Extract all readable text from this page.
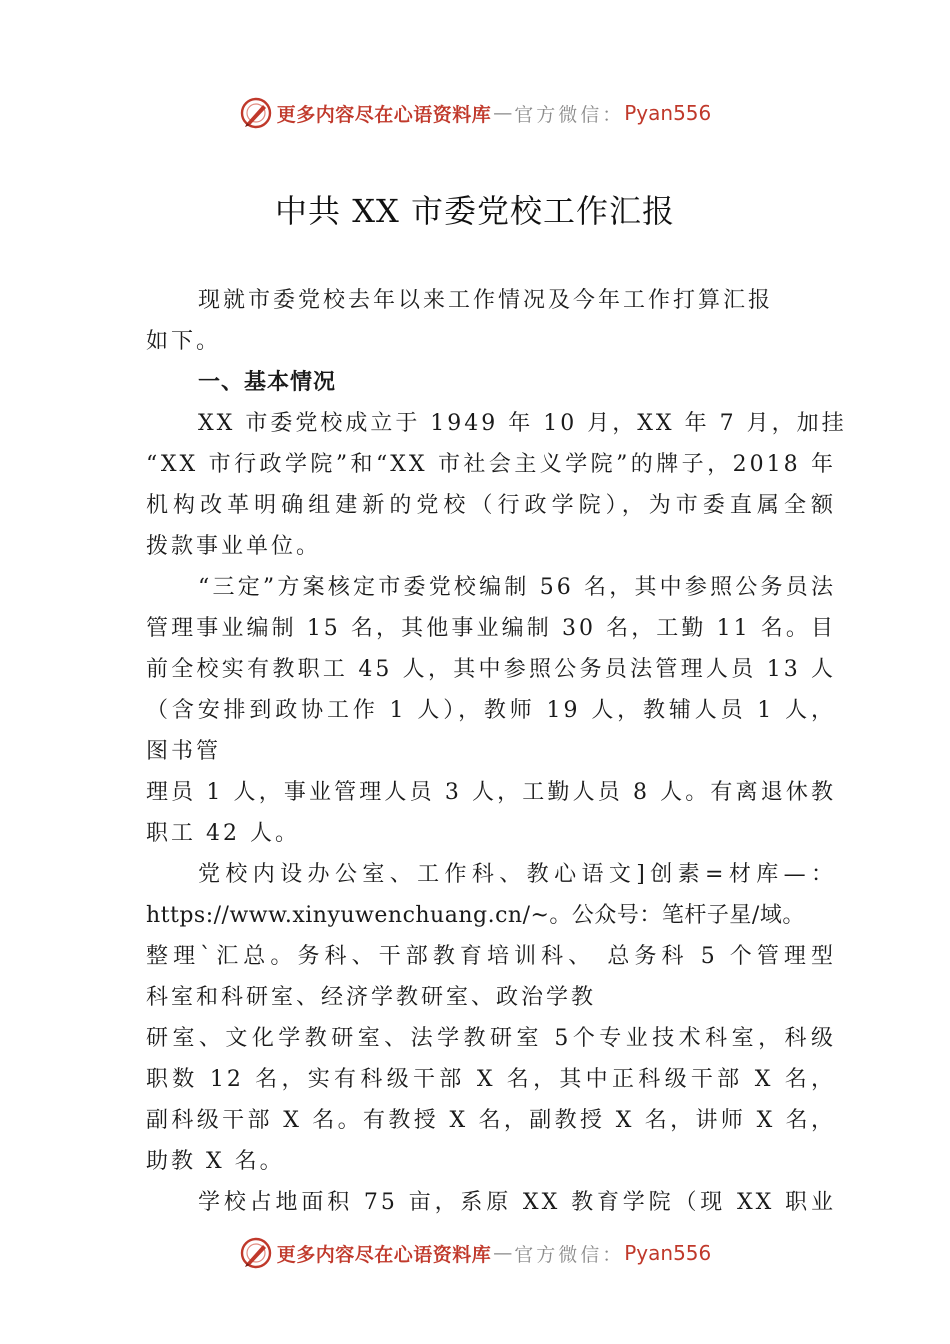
更多内容尽在心语资料库 — 官方微信： Pyan556
中共 XX 市委党校工作汇报
现就市委党校去年以来工作情况及今年工作打算汇报
如下。
一、基本情况
XX 市委党校成立于 1949 年 10 月，XX 年 7 月，加挂
“XX 市行政学院”和“XX 市社会主义学院”的牌子，2018 年
机构改革明确组建新的党校（行政学院），为市委直属全额
拨款事业单位。
“三定”方案核定市委党校编制 56 名，其中参照公务员法
管理事业编制 15 名，其他事业编制 30 名，工勤 11 名。目
前全校实有教职工 45 人，其中参照公务员法管理人员 13 人
（含安排到政协工作 1 人），教师 19 人，教辅人员 1 人，
图书管
理员 1 人，事业管理人员 3 人，工勤人员 8 人。有离退休教
职工 42 人。
党校内设办公室、工作科、教心语文]创素=材库—：
https://www.xinyuwenchuang.cn/~。公众号：笔杆子星/域。
整理`汇总。务科、干部教育培训科、 总务科 5 个管理型
科室和科研室、经济学教研室、政治学教
研室、文化学教研室、法学教研室 5个专业技术科室，科级
职数 12 名，实有科级干部 X 名，其中正科级干部 X 名，
副科级干部 X 名。有教授 X 名，副教授 X 名，讲师 X 名，
助教 X 名。
学校占地面积 75 亩，系原 XX 教育学院（现 XX 职业
更多内容尽在心语资料库 — 官方微信： Pyan556
